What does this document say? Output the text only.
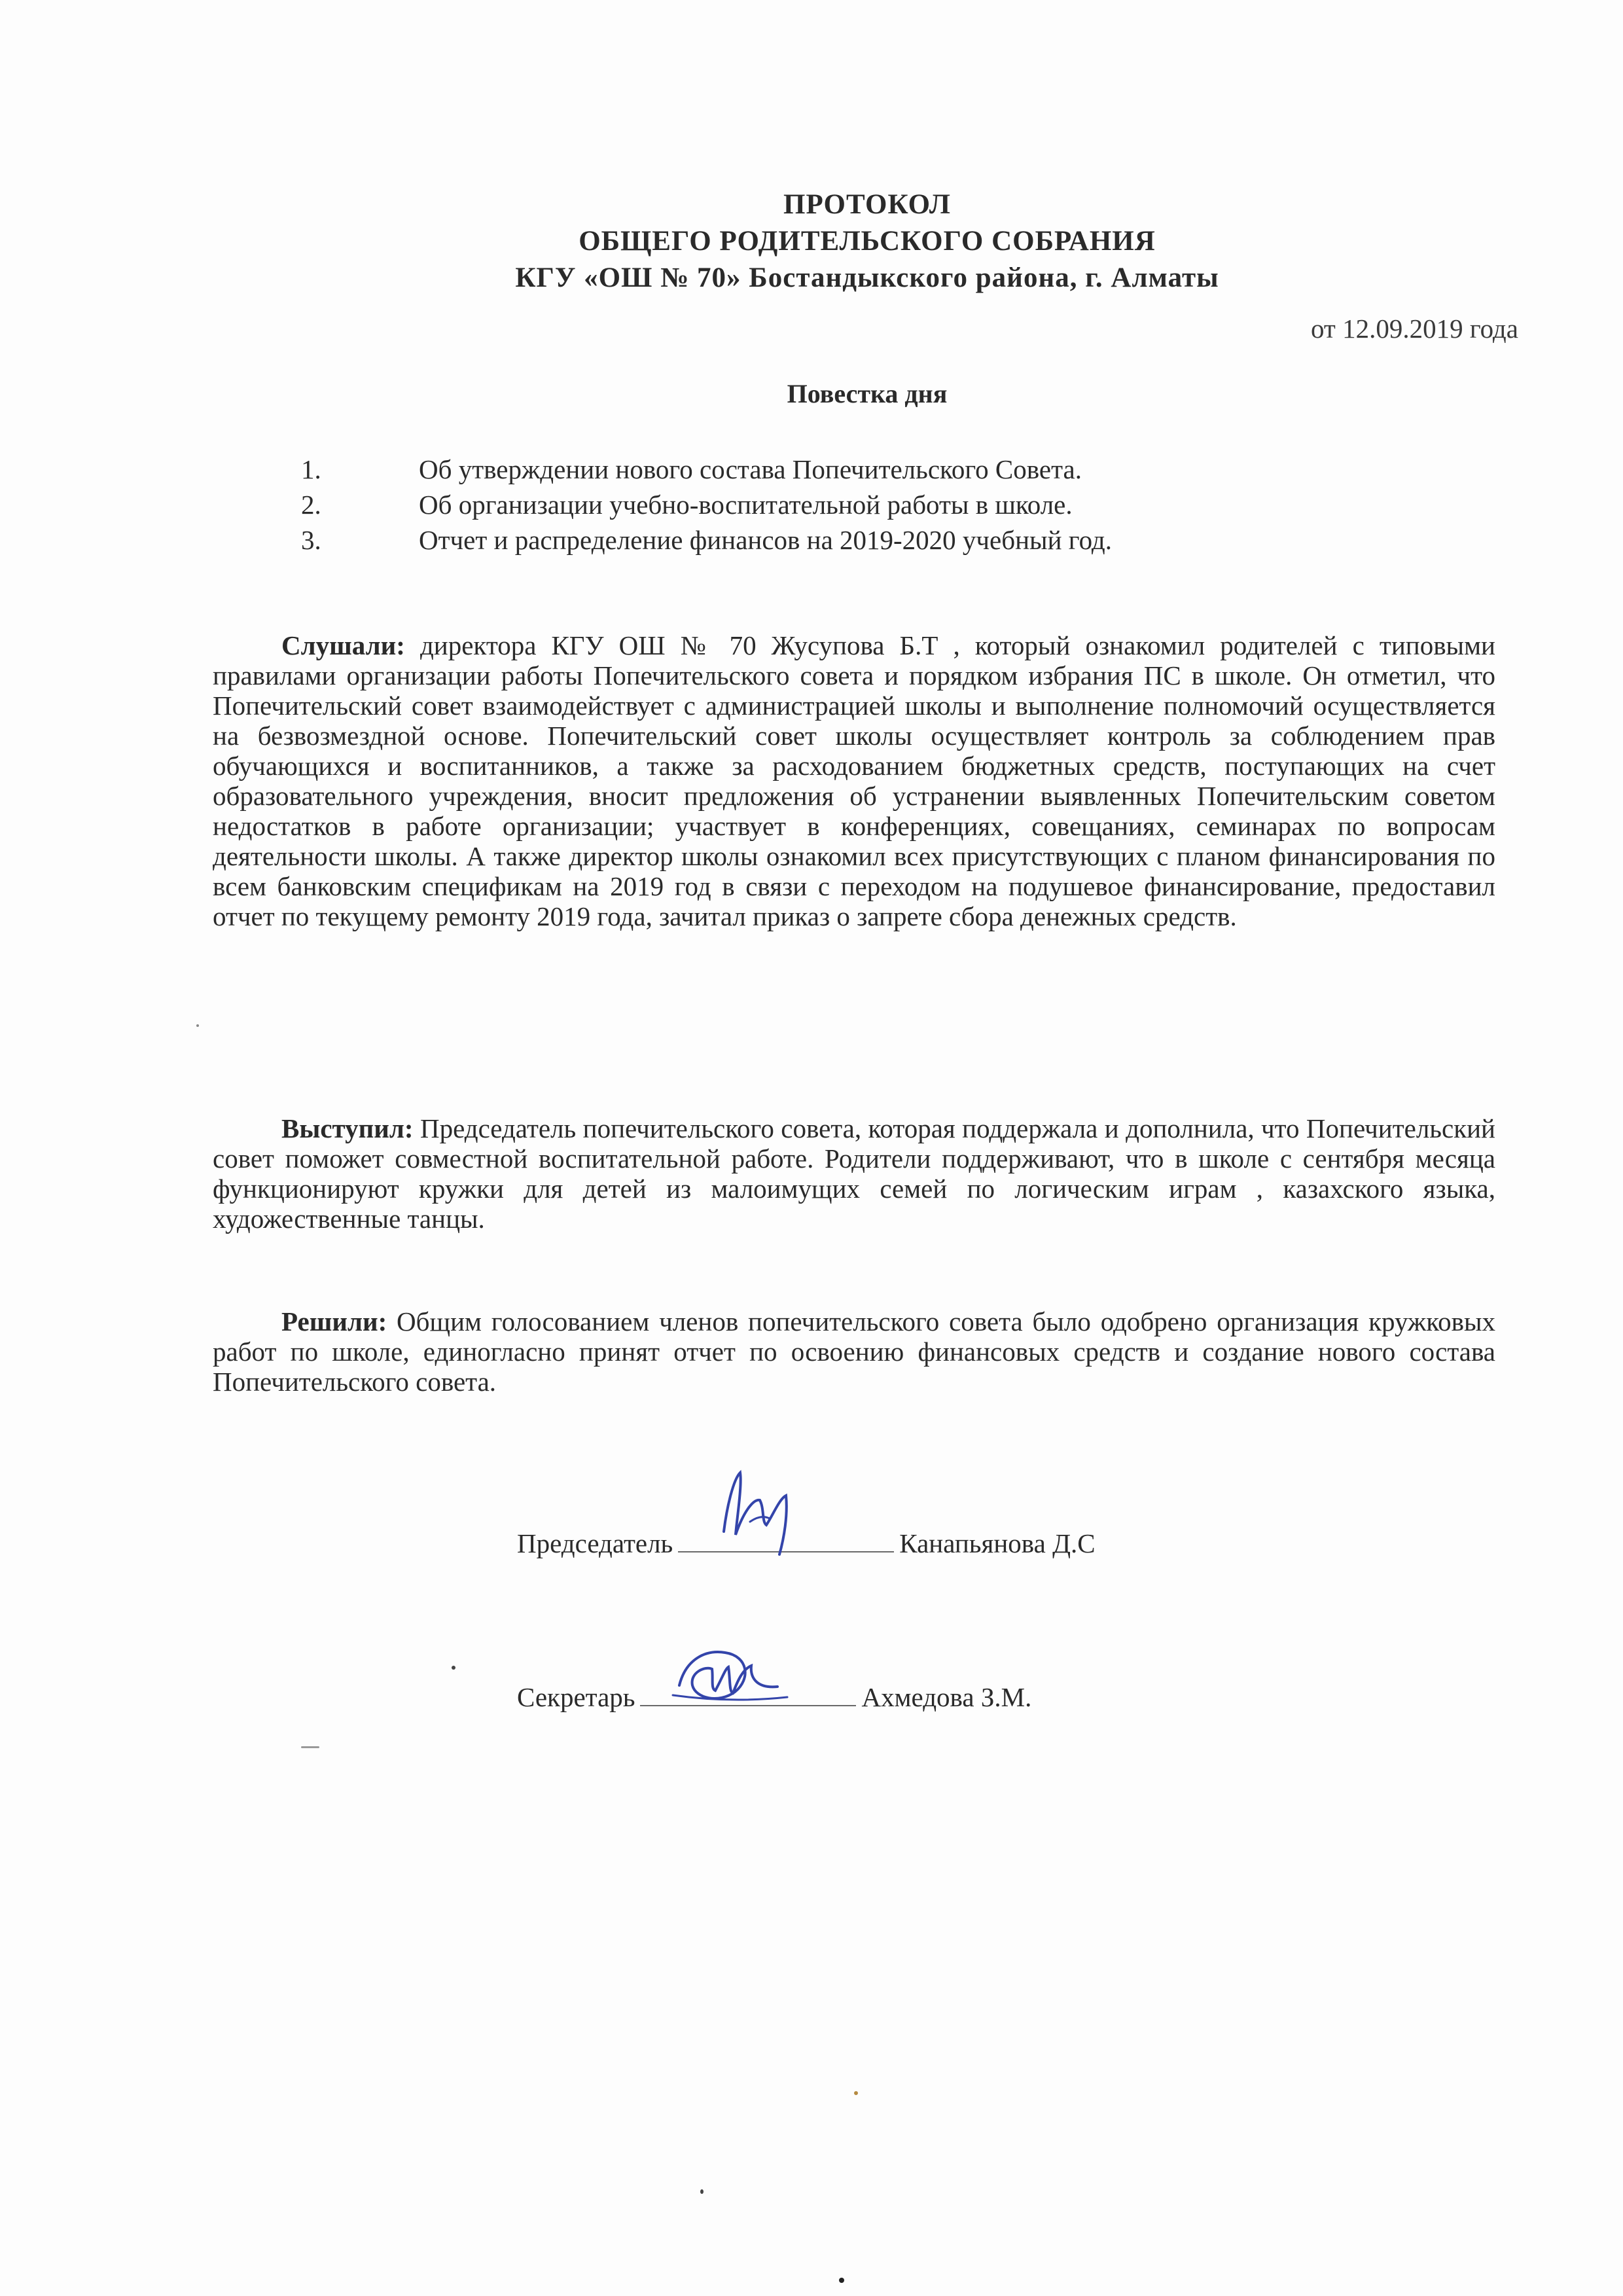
ПРОТОКОЛ
ОБЩЕГО РОДИТЕЛЬСКОГО СОБРАНИЯ
КГУ «ОШ № 70» Бостандыкского района, г. Алматы
от 12.09.2019 года
Повестка дня
1.	Об утверждении нового состава Попечительского Совета.
2.	Об организации учебно-воспитательной работы в школе.
3.	Отчет и распределение финансов на 2019-2020 учебный год.

Слушали: директора КГУ ОШ № 70 Жусупова Б.Т , который ознакомил родителей с типовыми правилами организации работы Попечительского совета и порядком избрания ПС в школе. Он отметил, что Попечительский совет взаимодействует с администрацией школы и выполнение полномочий осуществляется на безвозмездной основе. Попечительский совет школы осуществляет контроль за соблюдением прав обучающихся и воспитанников, а также за расходованием бюджетных средств, поступающих на счет образовательного учреждения, вносит предложения об устранении выявленных Попечительским советом недостатков в работе организации; участвует в конференциях, совещаниях, семинарах по вопросам деятельности школы. А также директор школы ознакомил всех присутствующих с планом финансирования по всем банковским спецификам на 2019 год в связи с переходом на подушевое финансирование, предоставил отчет по текущему ремонту 2019 года, зачитал приказ о запрете сбора денежных средств.

Выступил: Председатель попечительского совета, которая поддержала и дополнила, что Попечительский совет поможет совместной воспитательной работе. Родители поддерживают, что в школе с сентября месяца функционируют кружки для детей из малоимущих семей по логическим играм , казахского языка, художественные танцы.

Решили: Общим голосованием членов попечительского совета было одобрено организация кружковых работ по школе, единогласно принят отчет по освоению финансовых средств и создание нового состава Попечительского совета.

Председатель	Канапьянова Д.С
Секретарь	Ахмедова З.М.
